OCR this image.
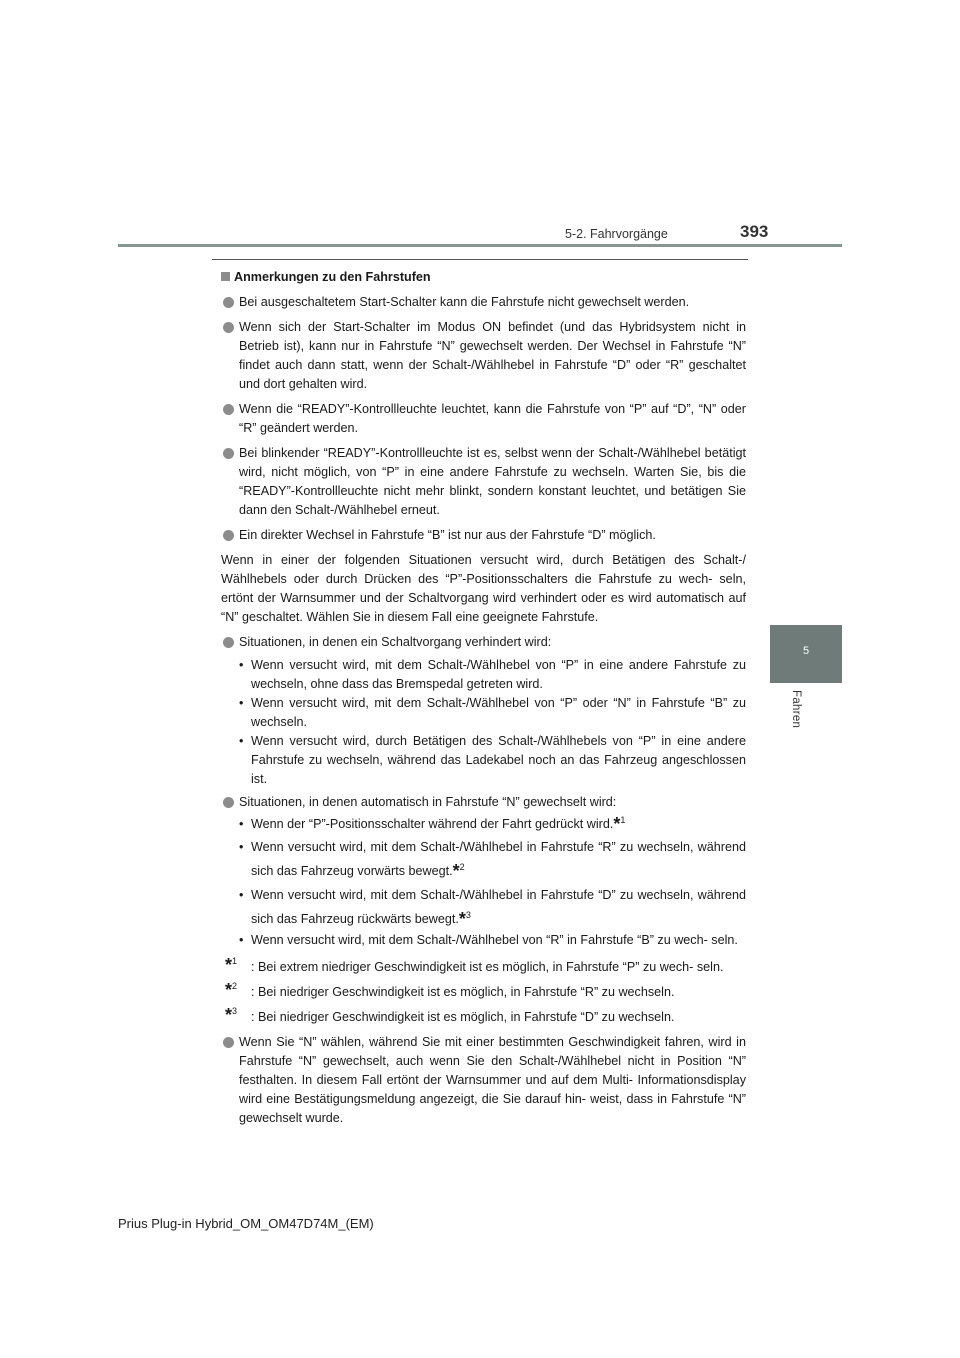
393
5-2. Fahrvorgänge
5
Fahren

Anmerkungen zu den Fahrstufen

Bei ausgeschaltetem Start-Schalter kann die Fahrstufe nicht gewechselt werden.
Wenn sich der Start-Schalter im Modus ON befindet (und das Hybridsystem nicht in Betrieb ist), kann nur in Fahrstufe “N” gewechselt werden. Der Wechsel in Fahrstufe “N” findet auch dann statt, wenn der Schalt-/Wählhebel in Fahrstufe “D” oder “R” geschaltet und dort gehalten wird.
Wenn die “READY”-Kontrollleuchte leuchtet, kann die Fahrstufe von “P” auf “D”, “N” oder “R” geändert werden.
Bei blinkender “READY”-Kontrollleuchte ist es, selbst wenn der Schalt-/Wählhebel betätigt wird, nicht möglich, von “P” in eine andere Fahrstufe zu wechseln. Warten Sie, bis die “READY”-Kontrollleuchte nicht mehr blinkt, sondern konstant leuchtet, und betätigen Sie dann den Schalt-/Wählhebel erneut.
Ein direkter Wechsel in Fahrstufe “B” ist nur aus der Fahrstufe “D” möglich.

Wenn in einer der folgenden Situationen versucht wird, durch Betätigen des Schalt-/ Wählhebels oder durch Drücken des “P”-Positionsschalters die Fahrstufe zu wech- seln, ertönt der Warnsummer und der Schaltvorgang wird verhindert oder es wird automatisch auf “N” geschaltet. Wählen Sie in diesem Fall eine geeignete Fahrstufe.

Situationen, in denen ein Schaltvorgang verhindert wird:
• Wenn versucht wird, mit dem Schalt-/Wählhebel von “P” in eine andere Fahrstufe zu wechseln, ohne dass das Bremspedal getreten wird.
• Wenn versucht wird, mit dem Schalt-/Wählhebel von “P” oder “N” in Fahrstufe “B” zu wechseln.
• Wenn versucht wird, durch Betätigen des Schalt-/Wählhebels von “P” in eine andere Fahrstufe zu wechseln, während das Ladekabel noch an das Fahrzeug angeschlossen ist.
Situationen, in denen automatisch in Fahrstufe “N” gewechselt wird:
• Wenn der “P”-Positionsschalter während der Fahrt gedrückt wird.*$^1$
• Wenn versucht wird, mit dem Schalt-/Wählhebel in Fahrstufe “R” zu wechseln, während sich das Fahrzeug vorwärts bewegt.*$^2$
• Wenn versucht wird, mit dem Schalt-/Wählhebel in Fahrstufe “D” zu wechseln, während sich das Fahrzeug rückwärts bewegt.*$^3$
• Wenn versucht wird, mit dem Schalt-/Wählhebel von “R” in Fahrstufe “B” zu wech- seln.
*$^1$ : Bei extrem niedriger Geschwindigkeit ist es möglich, in Fahrstufe “P” zu wech- seln.
*$^2$ : Bei niedriger Geschwindigkeit ist es möglich, in Fahrstufe “R” zu wechseln.
*$^3$ : Bei niedriger Geschwindigkeit ist es möglich, in Fahrstufe “D” zu wechseln.
Wenn Sie “N” wählen, während Sie mit einer bestimmten Geschwindigkeit fahren, wird in Fahrstufe “N” gewechselt, auch wenn Sie den Schalt-/Wählhebel nicht in Position “N” festhalten. In diesem Fall ertönt der Warnsummer und auf dem Multi- Informationsdisplay wird eine Bestätigungsmeldung angezeigt, die Sie darauf hin- weist, dass in Fahrstufe “N” gewechselt wurde.
Prius Plug-in Hybrid_OM_OM47D74M_(EM)
